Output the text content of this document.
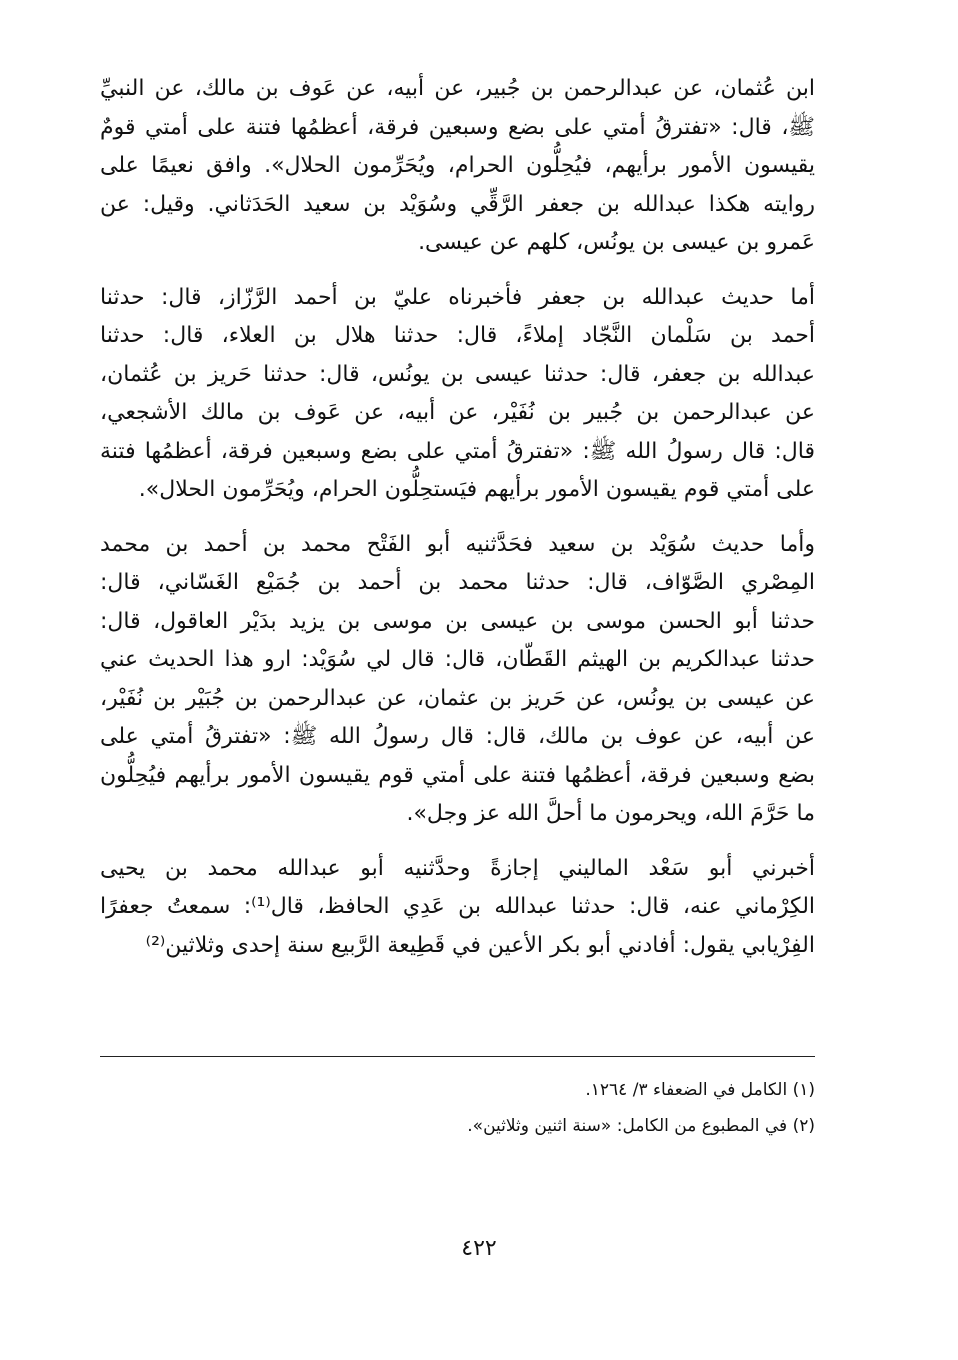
ابن عُثمان، عن عبدالرحمن بن جُبير، عن أبيه، عن عَوف بن مالك، عن النبيِّ
ﷺ، قال: «تفترقُ أمتي على بضع وسبعين فرقة، أعظمُها فتنة على أمتي قومٌ
يقيسون الأمور برأيهم، فيُحِلُّون الحرام، ويُحَرِّمون الحلال». وافق نعيمًا على
روايته هكذا عبدالله بن جعفر الرَّقِّي وسُوَيْد بن سعيد الحَدَثاني. وقيل: عن
عَمرو بن عيسى بن يونُس، كلهم عن عيسى.
أما حديث عبدالله بن جعفر فأخبرناه عليّ بن أحمد الرَّزّاز، قال: حدثنا
أحمد بن سَلْمان النَّجّاد إملاءً، قال: حدثنا هلال بن العلاء، قال: حدثنا
عبدالله بن جعفر، قال: حدثنا عيسى بن يونُس، قال: حدثنا حَريز بن عُثمان،
عن عبدالرحمن بن جُبير بن نُفَيْر، عن أبيه، عن عَوف بن مالك الأشجعي،
قال: قال رسولُ الله ﷺ: «تفترقُ أمتي على بضع وسبعين فرقة، أعظمُها فتنة
على أمتي قوم يقيسون الأمور برأيهم فيَستحِلُّون الحرام، ويُحَرِّمون الحلال».
وأما حديث سُوَيْد بن سعيد فحَدَّثنيه أبو الفَتْح محمد بن أحمد بن محمد
المِصْري الصَّوّاف، قال: حدثنا محمد بن أحمد بن جُمَيْع الغَسّاني، قال:
حدثنا أبو الحسن موسى بن عيسى بن موسى بن يزيد بدَيْر العاقول، قال:
حدثنا عبدالكريم بن الهيثم القَطّان، قال: قال لي سُوَيْد: ارو هذا الحديث عني
عن عيسى بن يونُس، عن حَريز بن عثمان، عن عبدالرحمن بن جُبَيْر بن نُفَيْر،
عن أبيه، عن عوف بن مالك، قال: قال رسولُ الله ﷺ: «تفترقُ أمتي على
بضع وسبعين فرقة، أعظمُها فتنة على أمتي قوم يقيسون الأمور برأيهم فيُحِلُّون
ما حَرَّمَ الله، ويحرمون ما أحلَّ الله عز وجل».
أخبرني أبو سَعْد الماليني إجازةً وحدَّثنيه أبو عبدالله محمد بن يحيى
الكِرْماني عنه، قال: حدثنا عبدالله بن عَدِي الحافظ، قال⁽¹⁾: سمعتُ جعفرًا
الفِرْيابي يقول: أفادني أبو بكر الأعين في قَطِيعة الرَّبيع سنة إحدى وثلاثين⁽²⁾
(١) الكامل في الضعفاء ٣/ ١٢٦٤.
(٢) في المطبوع من الكامل: «سنة اثنين وثلاثين».
٤٢٢
